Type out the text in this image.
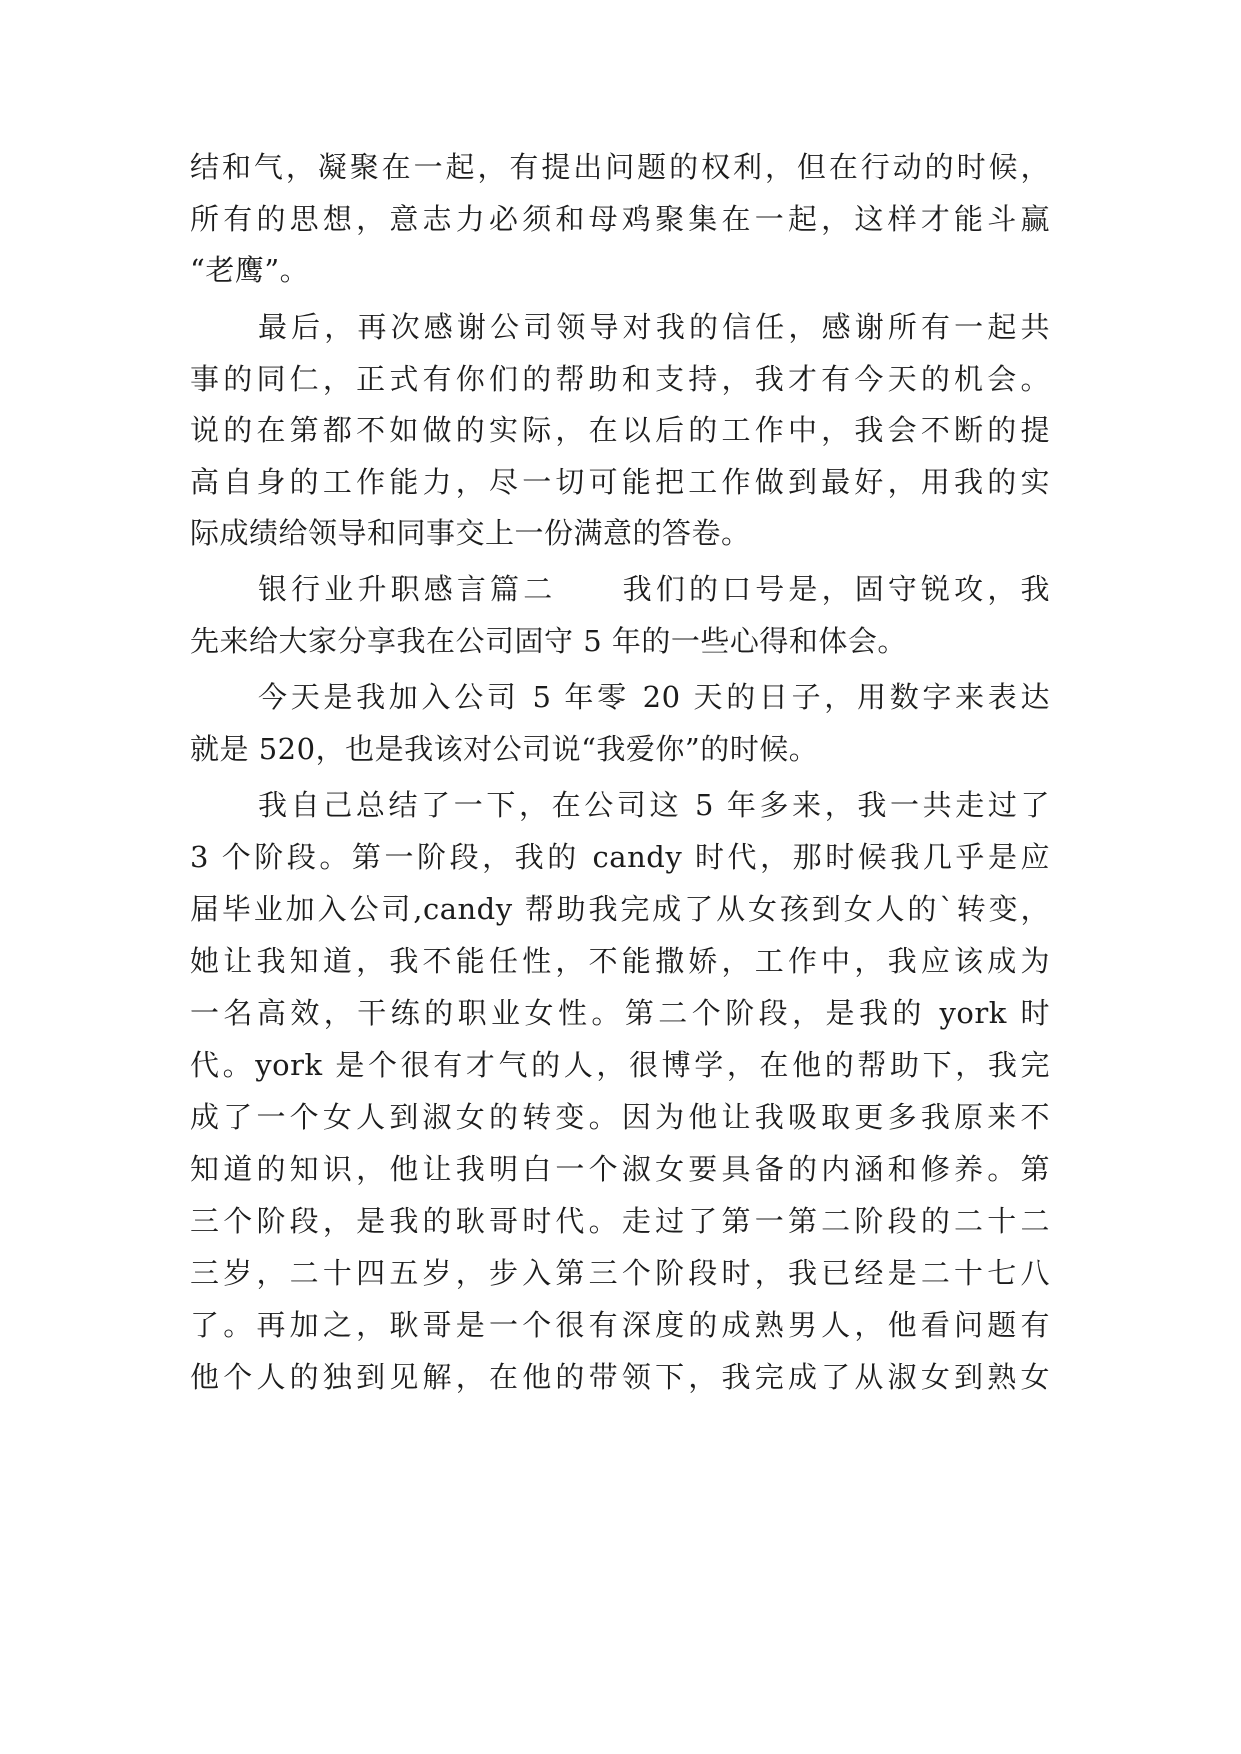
结和气，凝聚在一起，有提出问题的权利，但在行动的时候，
所有的思想，意志力必须和母鸡聚集在一起，这样才能斗赢
“老鹰”。
最后，再次感谢公司领导对我的信任，感谢所有一起共
事的同仁，正式有你们的帮助和支持，我才有今天的机会。
说的在第都不如做的实际，在以后的工作中，我会不断的提
高自身的工作能力，尽一切可能把工作做到最好，用我的实
际成绩给领导和同事交上一份满意的答卷。
银行业升职感言篇二　　我们的口号是，固守锐攻，我
先来给大家分享我在公司固守 5 年的一些心得和体会。
今天是我加入公司 5 年零 20 天的日子，用数字来表达
就是 520，也是我该对公司说“我爱你”的时候。
我自己总结了一下，在公司这 5 年多来，我一共走过了
3 个阶段。第一阶段，我的 candy 时代，那时候我几乎是应
届毕业加入公司,candy 帮助我完成了从女孩到女人的`转变，
她让我知道，我不能任性，不能撒娇，工作中，我应该成为
一名高效，干练的职业女性。第二个阶段，是我的 york 时
代。york 是个很有才气的人，很博学，在他的帮助下，我完
成了一个女人到淑女的转变。因为他让我吸取更多我原来不
知道的知识，他让我明白一个淑女要具备的内涵和修养。第
三个阶段，是我的耿哥时代。走过了第一第二阶段的二十二
三岁，二十四五岁，步入第三个阶段时，我已经是二十七八
了。再加之，耿哥是一个很有深度的成熟男人，他看问题有
他个人的独到见解，在他的带领下，我完成了从淑女到熟女
